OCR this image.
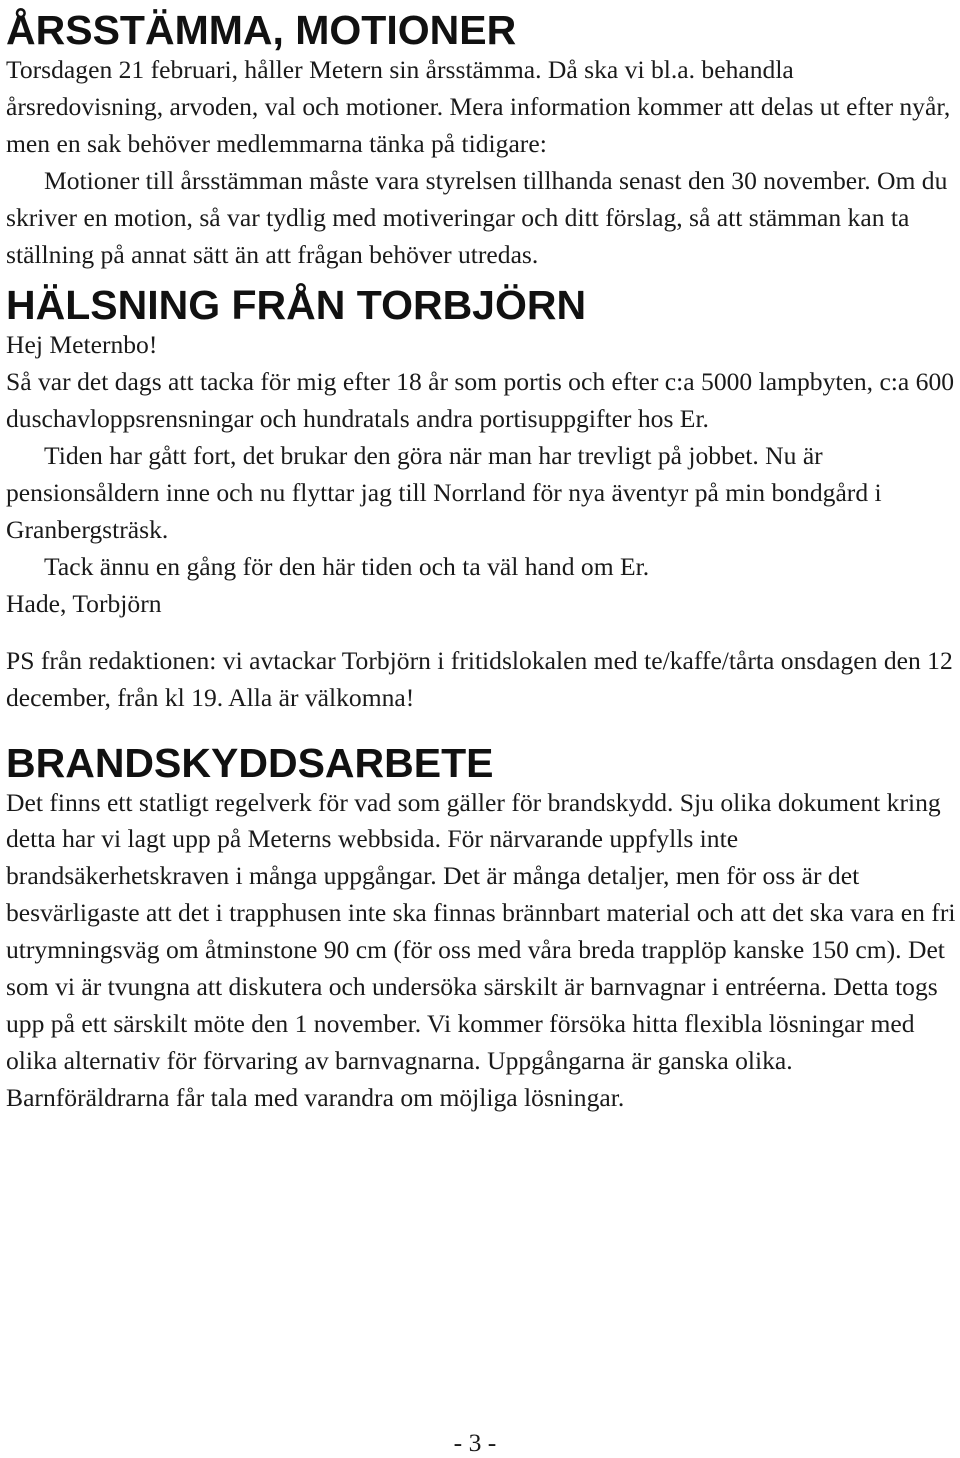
ÅRSSTÄMMA, MOTIONER

Torsdagen 21 februari, håller Metern sin årsstämma. Då ska vi bl.a. behandla årsredovisning, arvoden, val och motioner. Mera information kommer att delas ut efter nyår, men en sak behöver medlemmarna tänka på tidigare:

Motioner till årsstämman måste vara styrelsen tillhanda senast den 30 november. Om du skriver en motion, så var tydlig med motiveringar och ditt förslag, så att stämman kan ta ställning på annat sätt än att frågan behöver utredas.

HÄLSNING FRÅN TORBJÖRN

Hej Meternbo!

Så var det dags att tacka för mig efter 18 år som portis och efter c:a 5000 lampbyten, c:a 600 duschavloppsrensningar och hundratals andra portisuppgifter hos Er.

Tiden har gått fort, det brukar den göra när man har trevligt på jobbet. Nu är pensionsåldern inne och nu flyttar jag till Norrland för nya äventyr på min bondgård i Granbergsträsk.

Tack ännu en gång för den här tiden och ta väl hand om Er.

Hade, Torbjörn

PS från redaktionen: vi avtackar Torbjörn i fritidslokalen med te/kaffe/tårta onsdagen den 12 december, från kl 19. Alla är välkomna!

BRANDSKYDDSARBETE

Det finns ett statligt regelverk för vad som gäller för brandskydd. Sju olika dokument kring detta har vi lagt upp på Meterns webbsida. För närvarande uppfylls inte brandsäkerhetskraven i många uppgångar. Det är många detaljer, men för oss är det besvärligaste att det i trapphusen inte ska finnas brännbart material och att det ska vara en fri utrymningsväg om åtminstone 90 cm (för oss med våra breda trapplöp kanske 150 cm). Det som vi är tvungna att diskutera och undersöka särskilt är barnvagnar i entréerna. Detta togs upp på ett särskilt möte den 1 november. Vi kommer försöka hitta flexibla lösningar med olika alternativ för förvaring av barnvagnarna. Uppgångarna är ganska olika. Barnföräldrarna får tala med varandra om möjliga lösningar.

- 3 -
